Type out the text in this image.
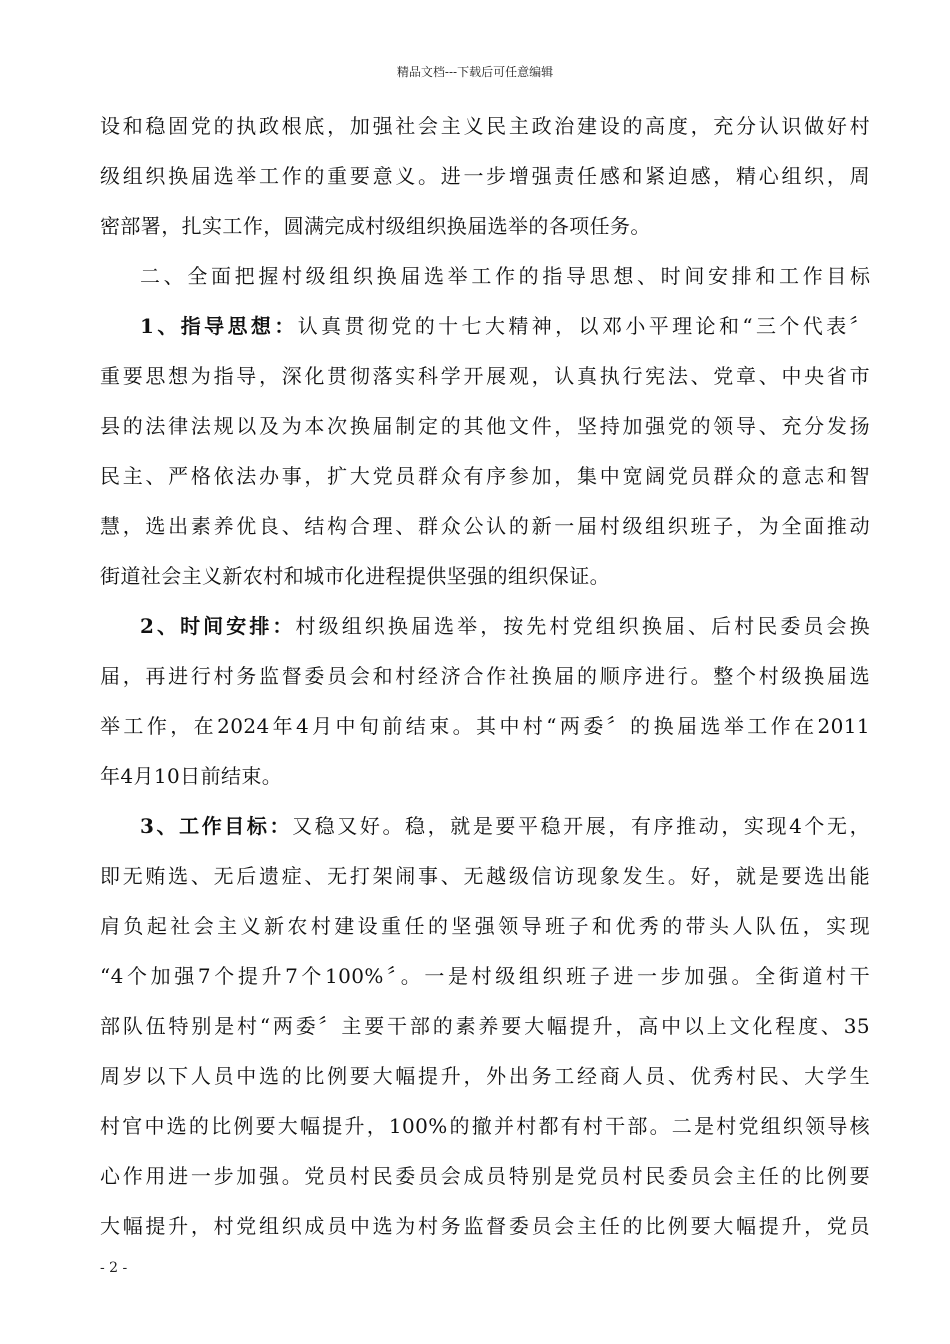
精品文档---下载后可任意编辑
设和稳固党的执政根底，加强社会主义民主政治建设的高度，充分认识做好村
级组织换届选举工作的重要意义。进一步增强责任感和紧迫感，精心组织，周
密部署，扎实工作，圆满完成村级组织换届选举的各项任务。
二、全面把握村级组织换届选举工作的指导思想、时间安排和工作目标
1、指导思想：认真贯彻党的十七大精神，以邓小平理论和“三个代表〞
重要思想为指导，深化贯彻落实科学开展观，认真执行宪法、党章、中央省市
县的法律法规以及为本次换届制定的其他文件，坚持加强党的领导、充分发扬
民主、严格依法办事，扩大党员群众有序参加，集中宽阔党员群众的意志和智
慧，选出素养优良、结构合理、群众公认的新一届村级组织班子，为全面推动
街道社会主义新农村和城市化进程提供坚强的组织保证。
2、时间安排：村级组织换届选举，按先村党组织换届、后村民委员会换
届，再进行村务监督委员会和村经济合作社换届的顺序进行。整个村级换届选
举工作，在2024年4月中旬前结束。其中村“两委〞的换届选举工作在2011
年4月10日前结束。
3、工作目标：又稳又好。稳，就是要平稳开展，有序推动，实现4个无，
即无贿选、无后遗症、无打架闹事、无越级信访现象发生。好，就是要选出能
肩负起社会主义新农村建设重任的坚强领导班子和优秀的带头人队伍，实现
“4个加强7个提升7个100%〞。一是村级组织班子进一步加强。全街道村干
部队伍特别是村“两委〞主要干部的素养要大幅提升，高中以上文化程度、35
周岁以下人员中选的比例要大幅提升，外出务工经商人员、优秀村民、大学生
村官中选的比例要大幅提升，100%的撤并村都有村干部。二是村党组织领导核
心作用进一步加强。党员村民委员会成员特别是党员村民委员会主任的比例要
大幅提升，村党组织成员中选为村务监督委员会主任的比例要大幅提升，党员
- 2 -
